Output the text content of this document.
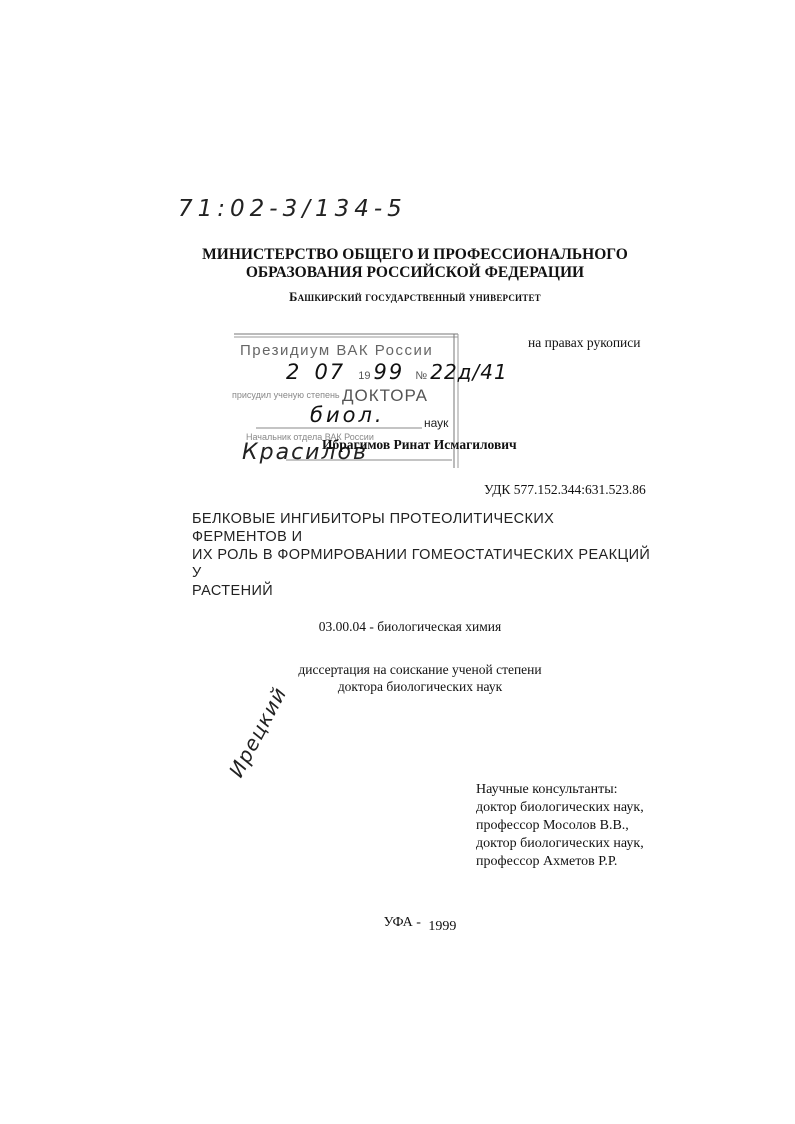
71:02-3/134-5
МИНИСТЕРСТВО ОБЩЕГО И ПРОФЕССИОНАЛЬНОГО
ОБРАЗОВАНИЯ РОССИЙСКОЙ ФЕДЕРАЦИИ
Башкирский государственный университет
на правах рукописи
Президиум ВАК России
2 07 19 99 № 22д/41
присудил ученую степень ДОКТОРА
биол.	наук
Начальник отдела ВАК России
Красилов
Ибрагимов Ринат Исмагилович
УДК 577.152.344:631.523.86
БЕЛКОВЫЕ ИНГИБИТОРЫ ПРОТЕОЛИТИЧЕСКИХ ФЕРМЕНТОВ И
ИХ РОЛЬ В ФОРМИРОВАНИИ ГОМЕОСТАТИЧЕСКИХ РЕАКЦИЙ У
РАСТЕНИЙ
03.00.04 - биологическая химия
диссертация на соискание ученой степени
доктора биологических наук
Ирецкий
Научные консультанты:
доктор биологических наук,
профессор Мосолов В.В.,
доктор биологических наук,
профессор Ахметов Р.Р.
УФА - 1999
